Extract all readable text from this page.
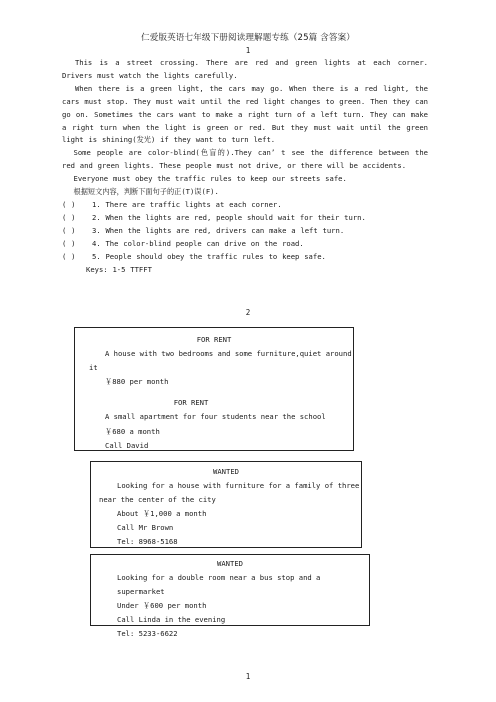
仁爱版英语七年级下册阅读理解题专练（25篇 含答案）
1

This is a street crossing. There are red and green lights at each corner. Drivers must watch the lights carefully.

When there is a green light, the cars may go. When there is a red light, the cars must stop. They must wait until the red light changes to green. Then they can go on. Sometimes the cars want to make a right turn of a left turn. They can make a right turn when the light is green or red. But they must wait until the green light is shining(发光) if they want to turn left.

Some people are color-blind(色盲的).They can’ t see the difference between the red and green lights. These people must not drive, or there will be accidents.

Everyone must obey the traffic rules to keep our streets safe.

根据短文内容，判断下面句子的正(T)误(F).

( ) 1. There are traffic lights at each corner.
( ) 2. When the lights are red, people should wait for their turn.
( ) 3. When the lights are red, drivers can make a left turn.
( ) 4. The color-blind people can drive on the road.
( ) 5. People should obey the traffic rules to keep safe.
Keys: 1-5 TTFFT
2
FOR RENT
A house with two bedrooms and some furniture,quiet around
it
￥880 per month
FOR RENT
A small apartment for four students near the school
￥680 a month
Call David
WANTED
Looking for a house with furniture for a family of three
near the center of the city
About ￥1,000 a month
Call Mr Brown
Tel: 8968-5168
WANTED
Looking for a double room near a bus stop and a supermarket
Under ￥600 per month
Call Linda in the evening
Tel: 5233-6622
1
